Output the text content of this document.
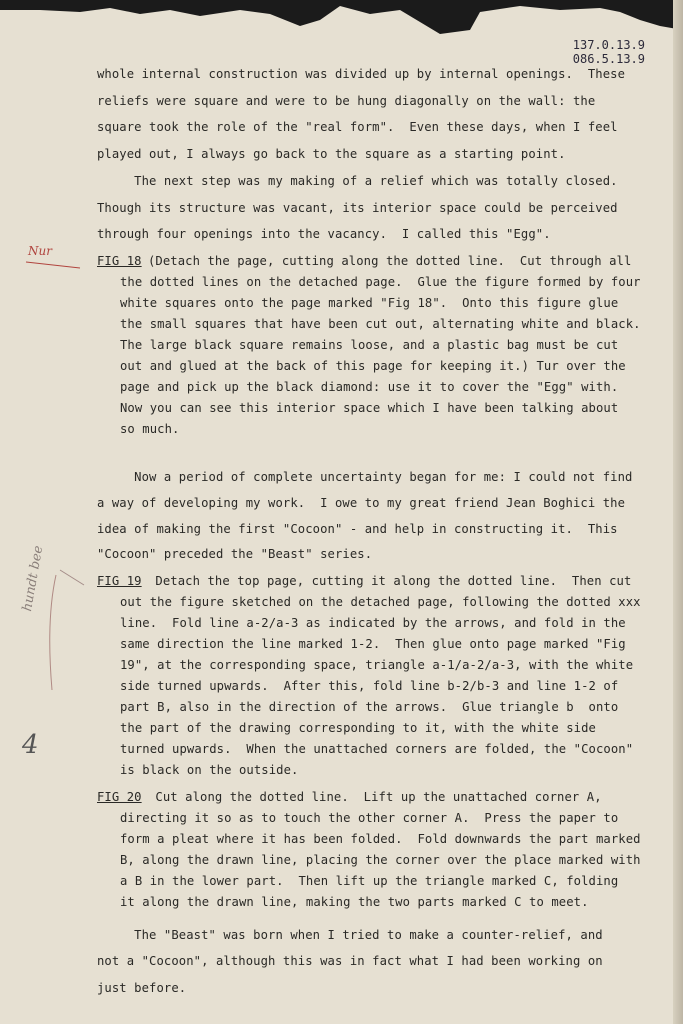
137.0.13.9
086.5.13.9
whole internal construction was divided up by internal openings.  These
reliefs were square and were to be hung diagonally on the wall: the
square took the role of the "real form".  Even these days, when I feel
played out, I always go back to the square as a starting point.
The next step was my making of a relief which was totally closed.
Though its structure was vacant, its interior space could be perceived
through four openings into the vacancy.  I called this "Egg".
FIG 18 (Detach the page, cutting along the dotted line.  Cut through all
the dotted lines on the detached page.  Glue the figure formed by four
white squares onto the page marked "Fig 18".  Onto this figure glue
the small squares that have been cut out, alternating white and black.
The large black square remains loose, and a plastic bag must be cut
out and glued at the back of this page for keeping it.) Tur over the
page and pick up the black diamond: use it to cover the "Egg" with.
Now you can see this interior space which I have been talking about
so much.
Now a period of complete uncertainty began for me: I could not find
a way of developing my work.  I owe to my great friend Jean Boghici the
idea of making the first "Cocoon" - and help in constructing it.  This
"Cocoon" preceded the "Beast" series.
FIG 19 Detach the top page, cutting it along the dotted line.  Then cut
out the figure sketched on the detached page, following the dotted xxx
line.  Fold line a-2/a-3 as indicated by the arrows, and fold in the
same direction the line marked 1-2.  Then glue onto page marked "Fig
19", at the corresponding space, triangle a-1/a-2/a-3, with the white
side turned upwards.  After this, fold line b-2/b-3 and line 1-2 of
part B, also in the direction of the arrows.  Glue triangle b  onto
the part of the drawing corresponding to it, with the white side
turned upwards.  When the unattached corners are folded, the "Cocoon"
is black on the outside.
FIG 20 Cut along the dotted line.  Lift up the unattached corner A,
directing it so as to touch the other corner A.  Press the paper to
form a pleat where it has been folded.  Fold downwards the part marked
B, along the drawn line, placing the corner over the place marked with
a B in the lower part.  Then lift up the triangle marked C, folding
it along the drawn line, making the two parts marked C to meet.
The "Beast" was born when I tried to make a counter-relief, and
not a "Cocoon", although this was in fact what I had been working on
just before.
Nur
hundt bee
4
